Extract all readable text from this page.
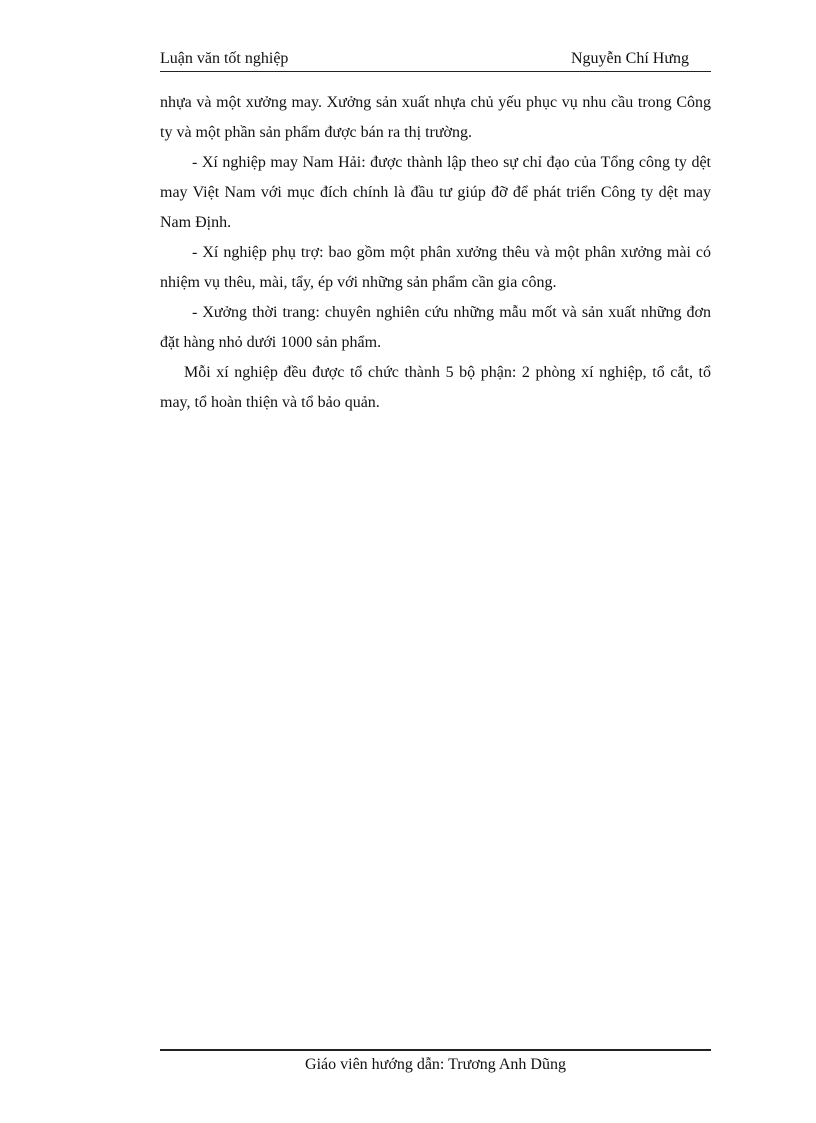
Luận văn tốt nghiệp	Nguyễn Chí Hưng

nhựa và một xưởng may. Xưởng sản xuất nhựa chủ yếu phục vụ nhu cầu trong Công ty và một phần sản phẩm được bán ra thị trường.

- Xí nghiệp may Nam Hải: được thành lập theo sự chỉ đạo của Tổng công ty dệt may Việt Nam với mục đích chính là đầu tư giúp đỡ để phát triển Công ty dệt may Nam Định.

- Xí nghiệp phụ trợ: bao gồm một phân xưởng thêu và một phân xưởng mài có nhiệm vụ thêu, mài, tẩy, ép với những sản phẩm cần gia công.

- Xưởng thời trang: chuyên nghiên cứu những mẫu mốt và sản xuất những đơn đặt hàng nhỏ dưới 1000 sản phẩm.

Mỗi xí nghiệp đều được tổ chức thành 5 bộ phận: 2 phòng xí nghiệp, tổ cắt, tổ may, tổ hoàn thiện và tổ bảo quản.

Giáo viên hướng dẫn: Trương Anh Dũng
